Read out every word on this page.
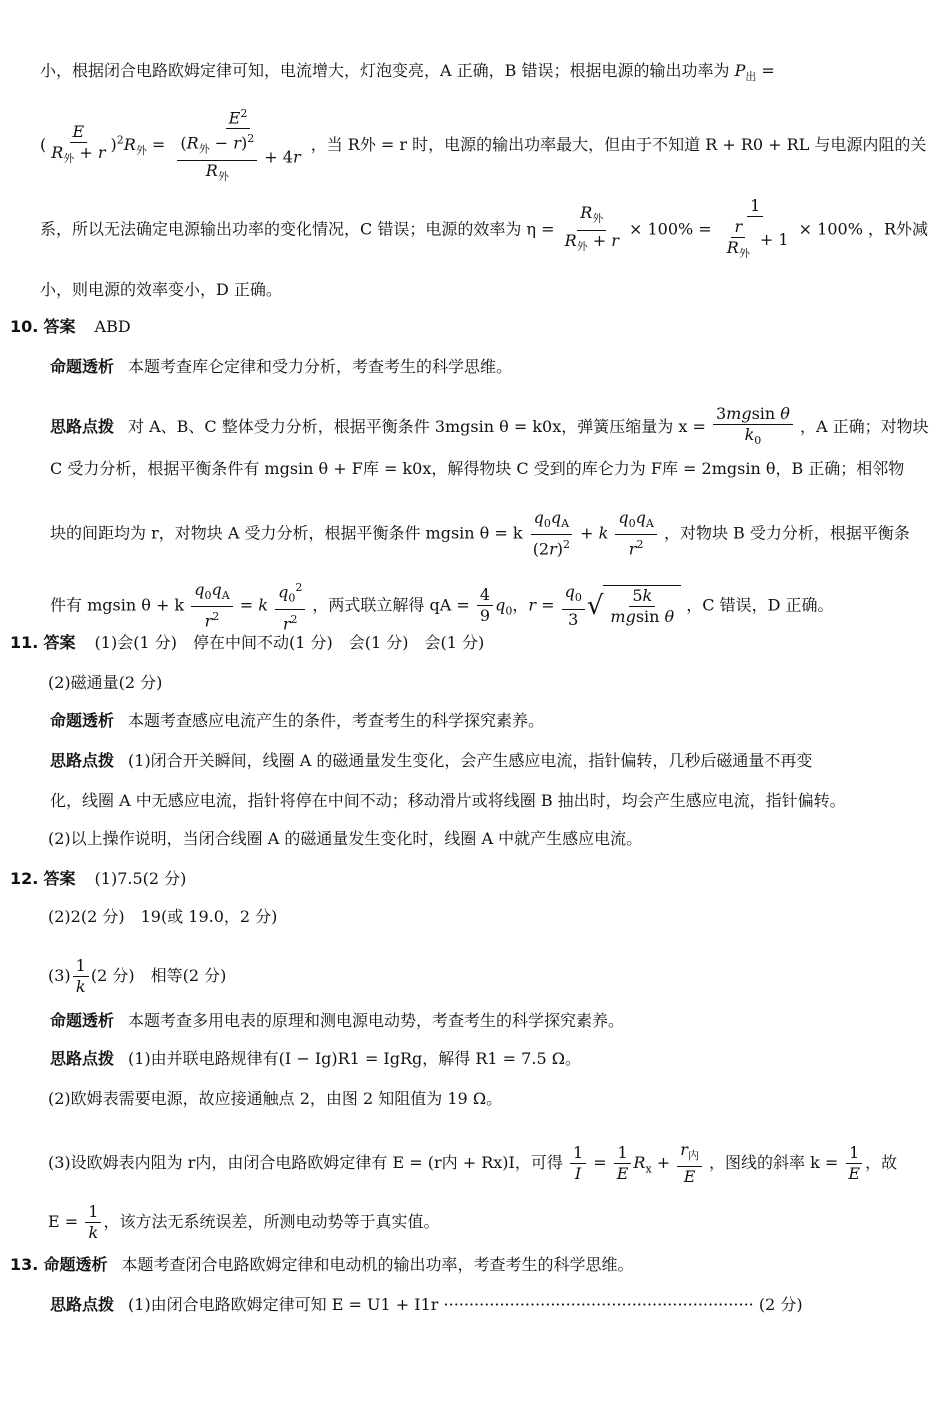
小，根据闭合电路欧姆定律可知，电流增大，灯泡变亮，A 正确，B 错误；根据电源的输出功率为 $P_出$ =
( $\frac{E}{R_外 + r} )^2R_外 = \frac{E^2}{\frac{(R_外 - r)^2}{R_外} + 4r}$ ，当 R外 = r 时，电源的输出功率最大，但由于不知道 R + R0 + RL 与电源内阻的关
系，所以无法确定电源输出功率的变化情况，C 错误；电源的效率为 $\eta = \frac{R_外}{R_外 + r} \times 100\% = \frac{1}{\frac{r}{R_外} + 1} \times 100\%$ ，R外减
小，则电源的效率变小，D 正确。
10. 答案 ABD
命题透析 本题考查库仑定律和受力分析，考查考生的科学思维。
思路点拨 对 A、B、C 整体受力分析，根据平衡条件 3mgsin θ = k0x，弹簧压缩量为 $x = \frac{\text{3mgsin θ}}{k_0}$ ，A 正确；对物块
C 受力分析，根据平衡条件有 mgsin θ + F库 = k0x，解得物块 C 受到的库仑力为 F库 = 2mgsin θ，B 正确；相邻物
块的间距均为 r，对物块 A 受力分析，根据平衡条件 mgsin θ = k $\frac{q_0q_A}{(2r)^2} + k \frac{q_0q_A}{r^2}$ ，对物块 B 受力分析，根据平衡条
件有 mgsin θ + k $\frac{q_0q_A}{r^2} = k \frac{q_0^2}{r^2}$ ，两式联立解得 qA = $\frac{4}{9} q_0$，$r = \frac{q_0}{3}$ √ $\frac{5k}{\text{mgsin θ}}$ ，C 错误，D 正确。
11. 答案 (1)会(1 分)　停在中间不动(1 分)　会(1 分)　会(1 分)
(2)磁通量(2 分)
命题透析 本题考查感应电流产生的条件，考查考生的科学探究素养。
思路点拨 (1)闭合开关瞬间，线圈 A 的磁通量发生变化，会产生感应电流，指针偏转，几秒后磁通量不再变
化，线圈 A 中无感应电流，指针将停在中间不动；移动滑片或将线圈 B 抽出时，均会产生感应电流，指针偏转。
(2)以上操作说明，当闭合线圈 A 的磁通量发生变化时，线圈 A 中就产生感应电流。
12. 答案 (1)7.5(2 分)
(2)2(2 分)　19(或 19.0，2 分)
$(3) \frac{1}{k} (2$ 分)　相等(2 分)
命题透析 本题考查多用电表的原理和测电源电动势，考查考生的科学探究素养。
思路点拨 (1)由并联电路规律有(I − Ig)R1 = IgRg，解得 R1 = 7.5 Ω。
(2)欧姆表需要电源，故应接通触点 2，由图 2 知阻值为 19 Ω。
(3)设欧姆表内阻为 r内，由闭合电路欧姆定律有 E = (r内 + Rx)I，可得 $\frac{1}{I} = \frac{1}{E} R_x + \frac{r_内}{E}$ ，图线的斜率 $k = \frac{1}{E}$ ，故
$E = \frac{1}{k}$ ，该方法无系统误差，所测电动势等于真实值。
13. 命题透析 本题考查闭合电路欧姆定律和电动机的输出功率，考查考生的科学思维。
思路点拨 (1)由闭合电路欧姆定律可知 E = U1 + I1r ····························································· (2 分)
